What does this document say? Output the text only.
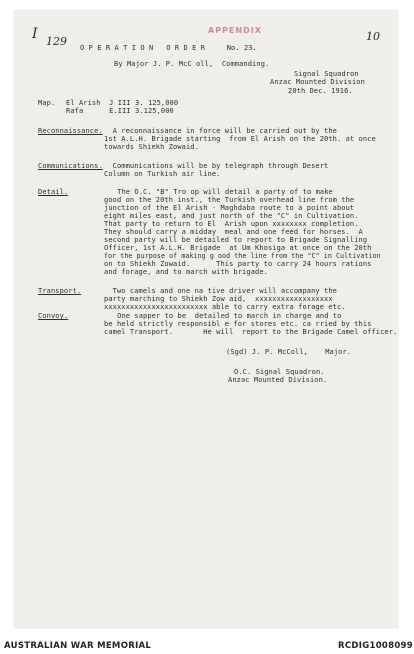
I 129
APPENDIX	10
O P E R A T I O N   O R D E R     No. 23.
By Major J. P. McC oll,  Commanding.
Signal Squadron
Anzac Mounted Division
20th Dec. 1916.
Map. El Arish  J III 3. 125,000
Rafa      E.III 3.125,000
Reconnaissance. A reconnaissance in force will be carried out by the
1st A.L.H. Brigade starting  from El Arish on the 20th. at once
towards Shiekh Zowaid.
Communications. Communications will be by telegraph through Desert
Column on Turkish air line.
Detail. The O.C. "B" Tro op will detail a party of to make
good on the 20th inst., the Turkish overhead line from the
junction of the El Arish - Maghdaba route to a point about
eight miles east, and just north of the "C" in Cultivation.
That party to return to El  Arish upon xxxxxxxx completion.
They should carry a midday  meal and one feed for horses.  A
second party will be detailed to report to Brigade Signalling
Officer, 1st A.L.H. Brigade  at Um Khosiga at once on the 20th
for the purpose of making g ood the line from the "C" in Cultivation
on to Shiekh Zowaid.      This party to carry 24 hours rations
and forage, and to march with brigade.
Transport.	Two camels and one na tive driver will accompany the
party marching to Shiekh Zow aid,  xxxxxxxxxxxxxxxxxx
xxxxxxxxxxxxxxxxxxxxxxxx able to carry extra forage etc.
Convoy. One sapper to be  detailed to march in charge and to
be held strictly responsibl e for stores etc. ca rried by this
camel Transport.       He will  report to the Brigade Camel officer.
(Sgd) J. P. McColl,    Major.
O.C. Signal Squadron.
Anzac Mounted Division.
AUSTRALIAN WAR MEMORIAL	RCDIG1008099
